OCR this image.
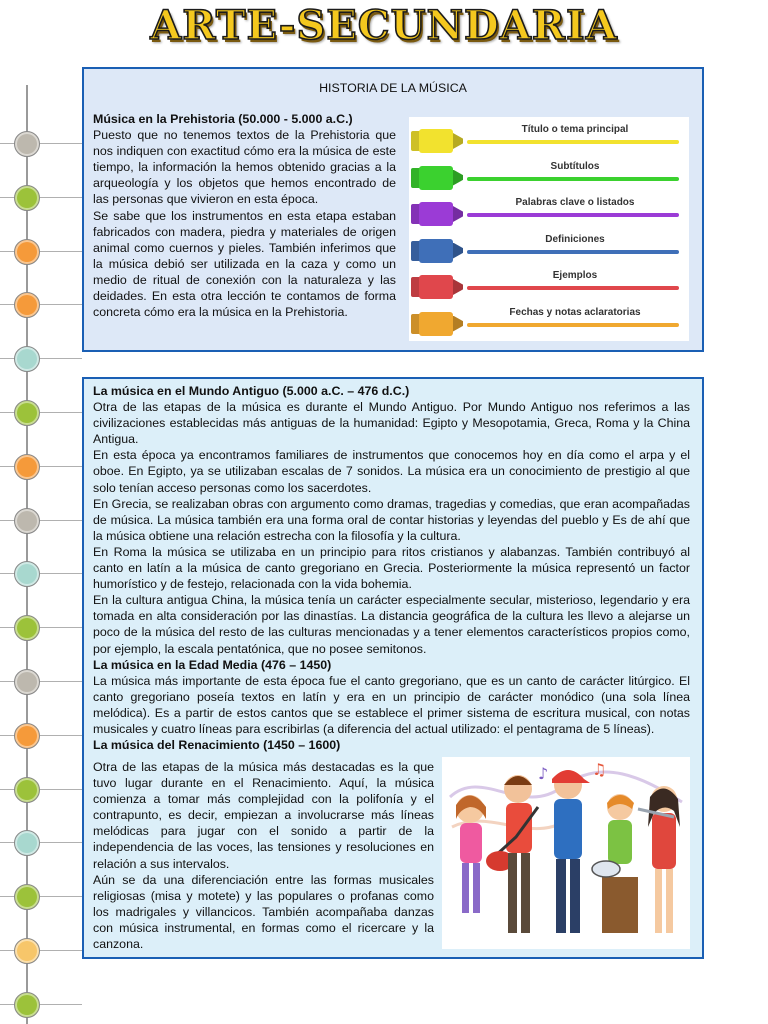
ARTE-SECUNDARIA
HISTORIA DE LA MÚSICA

Música en la Prehistoria (50.000 - 5.000 a.C.)
Puesto que no tenemos textos de la Prehistoria que nos indiquen con exactitud cómo era la música de este tiempo, la información la hemos obtenido gracias a la arqueología y los objetos que hemos encontrado de las personas que vivieron en esta época.
Se sabe que los instrumentos en esta etapa estaban fabricados con madera, piedra y materiales de origen animal como cuernos y pieles. También inferimos que la música debió ser utilizada en la caza y como un medio de ritual de conexión con la naturaleza y las deidades. En esta otra lección te contamos de forma concreta cómo era la música en la Prehistoria.

Título o tema principal
Subtítulos
Palabras clave o listados
Definiciones
Ejemplos
Fechas y notas aclaratorias

La música en el Mundo Antiguo (5.000 a.C. – 476 d.C.)
Otra de las etapas de la música es durante el Mundo Antiguo. Por Mundo Antiguo nos referimos a las civilizaciones establecidas más antiguas de la humanidad: Egipto y Mesopotamia, Greca, Roma y la China Antigua.
En esta época ya encontramos familiares de instrumentos que conocemos hoy en día como el arpa y el oboe. En Egipto, ya se utilizaban escalas de 7 sonidos. La música era un conocimiento de prestigio al que solo tenían acceso personas como los sacerdotes.
En Grecia, se realizaban obras con argumento como dramas, tragedias y comedias, que eran acompañadas de música. La música también era una forma oral de contar historias y leyendas del pueblo y Es de ahí que la música obtiene una relación estrecha con la filosofía y la cultura.
En Roma la música se utilizaba en un principio para ritos cristianos y alabanzas. También contribuyó al canto en latín a la música de canto gregoriano en Grecia. Posteriormente la música representó un factor humorístico y de festejo, relacionada con la vida bohemia.
En la cultura antigua China, la música tenía un carácter especialmente secular, misterioso, legendario y era tomada en alta consideración por las dinastías. La distancia geográfica de la cultura les llevo a alejarse un poco de la música del resto de las culturas mencionadas y a tener elementos característicos propios como, por ejemplo, la escala pentatónica, que no posee semitonos.
La música en la Edad Media (476 – 1450)
La música más importante de esta época fue el canto gregoriano, que es un canto de carácter litúrgico. El canto gregoriano poseía textos en latín y era en un principio de carácter monódico (una sola línea melódica). Es a partir de estos cantos que se establece el primer sistema de escritura musical, con notas musicales y cuatro líneas para escribirlas (a diferencia del actual utilizado: el pentagrama de 5 líneas).
La música del Renacimiento (1450 – 1600)

Otra de las etapas de la música más destacadas es la que tuvo lugar durante en el Renacimiento. Aquí, la música comienza a tomar más complejidad con la polifonía y el contrapunto, es decir, empiezan a involucrarse más líneas melódicas para jugar con el sonido a partir de la independencia de las voces, las tensiones y resoluciones en relación a sus intervalos.
Aún se da una diferenciación entre las formas musicales religiosas (misa y motete) y las populares o profanas como los madrigales y villancicos. También acompañaba danzas con música instrumental, en formas como el ricercare y la canzona.

♪	♫
